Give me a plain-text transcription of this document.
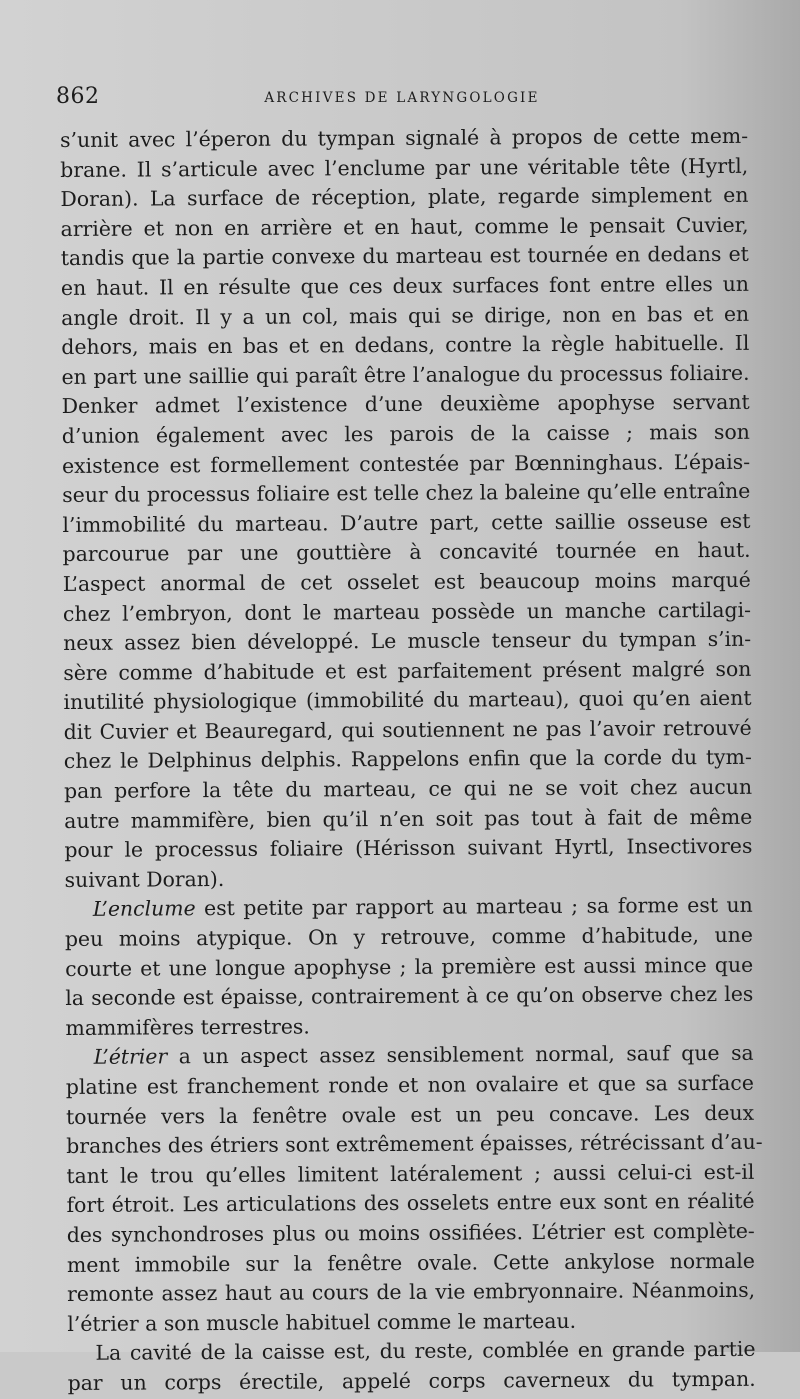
862	ARCHIVES DE LARYNGOLOGIE
s’unit avec l’éperon du tympan signalé à propos de cette mem-
brane. Il s’articule avec l’enclume par une véritable tête (Hyrtl,
Doran). La surface de réception, plate, regarde simplement en
arrière et non en arrière et en haut, comme le pensait Cuvier,
tandis que la partie convexe du marteau est tournée en dedans et
en haut. Il en résulte que ces deux surfaces font entre elles un
angle droit. Il y a un col, mais qui se dirige, non en bas et en
dehors, mais en bas et en dedans, contre la règle habituelle. Il
en part une saillie qui paraît être l’analogue du processus foliaire.
Denker admet l’existence d’une deuxième apophyse servant
d’union également avec les parois de la caisse ; mais son
existence est formellement contestée par Bœnninghaus. L’épais-
seur du processus foliaire est telle chez la baleine qu’elle entraîne
l’immobilité du marteau. D’autre part, cette saillie osseuse est
parcourue par une gouttière à concavité tournée en haut.
L’aspect anormal de cet osselet est beaucoup moins marqué
chez l’embryon, dont le marteau possède un manche cartilagi-
neux assez bien développé. Le muscle tenseur du tympan s’in-
sère comme d’habitude et est parfaitement présent malgré son
inutilité physiologique (immobilité du marteau), quoi qu’en aient
dit Cuvier et Beauregard, qui soutiennent ne pas l’avoir retrouvé
chez le Delphinus delphis. Rappelons enfin que la corde du tym-
pan perfore la tête du marteau, ce qui ne se voit chez aucun
autre mammifère, bien qu’il n’en soit pas tout à fait de même
pour le processus foliaire (Hérisson suivant Hyrtl, Insectivores
suivant Doran).
L’enclume est petite par rapport au marteau ; sa forme est un
peu moins atypique. On y retrouve, comme d’habitude, une
courte et une longue apophyse ; la première est aussi mince que
la seconde est épaisse, contrairement à ce qu’on observe chez les
mammifères terrestres.
L’étrier a un aspect assez sensiblement normal, sauf que sa
platine est franchement ronde et non ovalaire et que sa surface
tournée vers la fenêtre ovale est un peu concave. Les deux
branches des étriers sont extrêmement épaisses, rétrécissant d’au-
tant le trou qu’elles limitent latéralement ; aussi celui-ci est-il
fort étroit. Les articulations des osselets entre eux sont en réalité
des synchondroses plus ou moins ossifiées. L’étrier est complète-
ment immobile sur la fenêtre ovale. Cette ankylose normale
remonte assez haut au cours de la vie embryonnaire. Néanmoins,
l’étrier a son muscle habituel comme le marteau.
La cavité de la caisse est, du reste, comblée en grande partie
par un corps érectile, appelé corps caverneux du tympan.
